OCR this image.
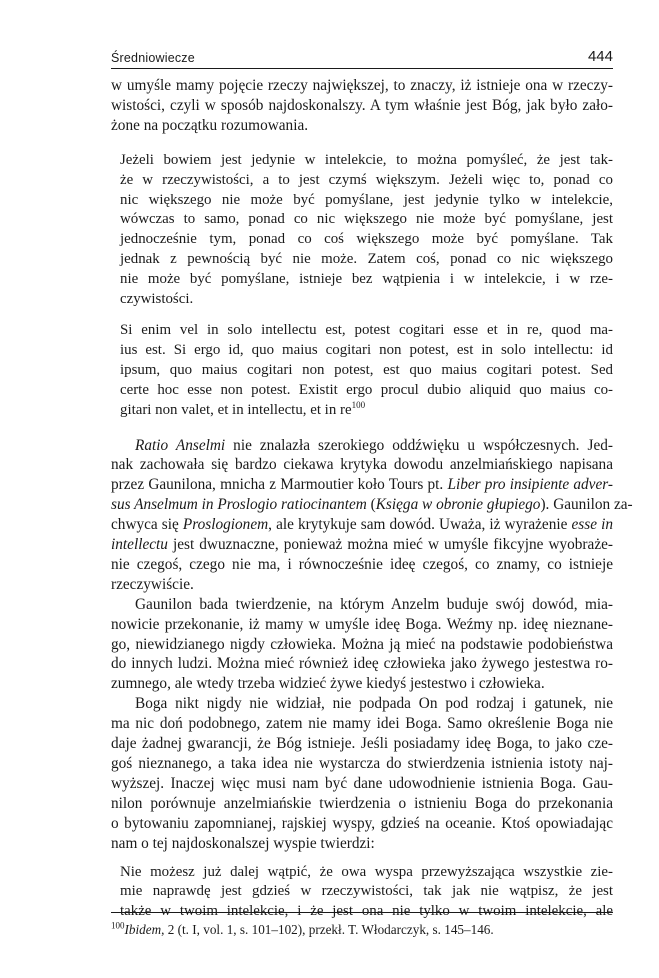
Średniowiecze	444
w umyśle mamy pojęcie rzeczy największej, to znaczy, iż istnieje ona w rzeczy-
wistości, czyli w sposób najdoskonalszy. A tym właśnie jest Bóg, jak było zało-
żone na początku rozumowania.
Jeżeli bowiem jest jedynie w intelekcie, to można pomyśleć, że jest tak-
że w rzeczywistości, a to jest czymś większym. Jeżeli więc to, ponad co
nic większego nie może być pomyślane, jest jedynie tylko w intelekcie,
wówczas to samo, ponad co nic większego nie może być pomyślane, jest
jednocześnie tym, ponad co coś większego może być pomyślane. Tak
jednak z pewnością być nie może. Zatem coś, ponad co nic większego
nie może być pomyślane, istnieje bez wątpienia i w intelekcie, i w rze-
czywistości.
Si enim vel in solo intellectu est, potest cogitari esse et in re, quod ma-
ius est. Si ergo id, quo maius cogitari non potest, est in solo intellectu: id
ipsum, quo maius cogitari non potest, est quo maius cogitari potest. Sed
certe hoc esse non potest. Existit ergo procul dubio aliquid quo maius co-
gitari non valet, et in intellectu, et in $re^{100}$
Ratio Anselmi nie znalazła szerokiego oddźwięku u współczesnych. Jed-
nak zachowała się bardzo ciekawa krytyka dowodu anzelmiańskiego napisana
przez Gaunilona, mnicha z Marmoutier koło Tours pt. Liber pro insipiente adver-
sus Anselmum in Proslogio ratiocinantem (Księga w obronie głupiego). Gaunilon za-
chwyca się Proslogionem, ale krytykuje sam dowód. Uważa, iż wyrażenie esse in
intellectu jest dwuznaczne, ponieważ można mieć w umyśle fikcyjne wyobraże-
nie czegoś, czego nie ma, i równocześnie ideę czegoś, co znamy, co istnieje
rzeczywiście.
Gaunilon bada twierdzenie, na którym Anzelm buduje swój dowód, mia-
nowicie przekonanie, iż mamy w umyśle ideę Boga. Weźmy np. ideę nieznane-
go, niewidzianego nigdy człowieka. Można ją mieć na podstawie podobieństwa
do innych ludzi. Można mieć również ideę człowieka jako żywego jestestwa ro-
zumnego, ale wtedy trzeba widzieć żywe kiedyś jestestwo i człowieka.
Boga nikt nigdy nie widział, nie podpada On pod rodzaj i gatunek, nie
ma nic doń podobnego, zatem nie mamy idei Boga. Samo określenie Boga nie
daje żadnej gwarancji, że Bóg istnieje. Jeśli posiadamy ideę Boga, to jako cze-
goś nieznanego, a taka idea nie wystarcza do stwierdzenia istnienia istoty naj-
wyższej. Inaczej więc musi nam być dane udowodnienie istnienia Boga. Gau-
nilon porównuje anzelmiańskie twierdzenia o istnieniu Boga do przekonania
o bytowaniu zapomnianej, rajskiej wyspy, gdzieś na oceanie. Ktoś opowiadając
nam o tej najdoskonalszej wyspie twierdzi:
Nie możesz już dalej wątpić, że owa wyspa przewyższająca wszystkie zie-
mie naprawdę jest gdzieś w rzeczywistości, tak jak nie wątpisz, że jest
także w twoim intelekcie, i że jest ona nie tylko w twoim intelekcie, ale
$^{100}$Ibidem, 2 (t. I, vol. 1, s. 101–102), przekł. T. Włodarczyk, s. 145–146.
